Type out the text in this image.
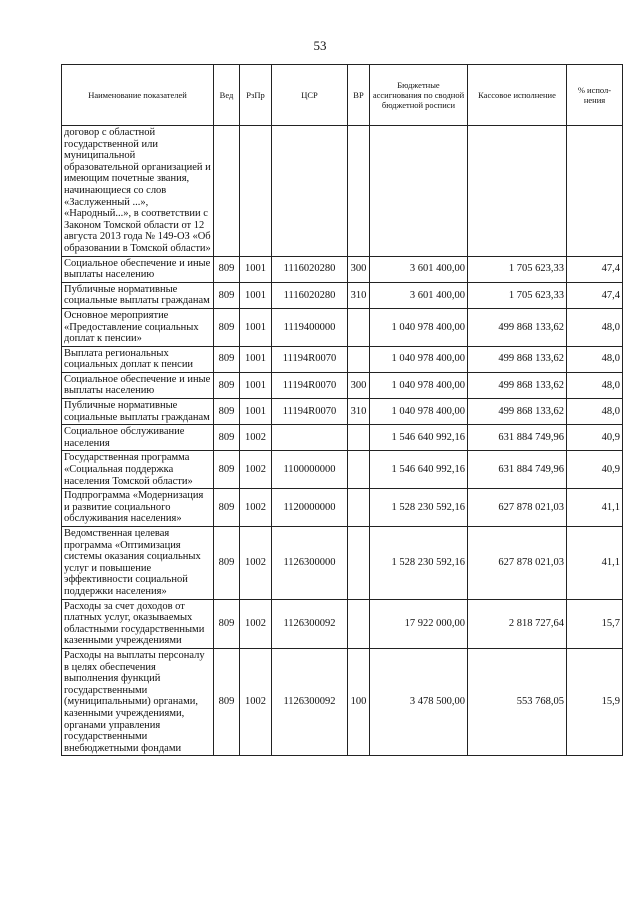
53
Наименование показателей	Вед	РзПр	ЦСР	ВР	Бюджетные ассигнования по сводной бюджетной росписи	Кассовое исполнение	% испол-нения
договор с областной государственной или муниципальной образовательной организацией и имеющим почетные звания, начинающиеся со слов «Заслуженный ...», «Народный...», в соответствии с Законом Томской области от 12 августа 2013 года № 149-ОЗ «Об образовании в Томской области»							
Социальное обеспечение и иные выплаты населению	809	1001	1116020280	300	3 601 400,00	1 705 623,33	47,4
Публичные нормативные социальные выплаты гражданам	809	1001	1116020280	310	3 601 400,00	1 705 623,33	47,4
Основное мероприятие «Предоставление социальных доплат к пенсии»	809	1001	1119400000		1 040 978 400,00	499 868 133,62	48,0
Выплата региональных социальных доплат к пенсии	809	1001	11194R0070		1 040 978 400,00	499 868 133,62	48,0
Социальное обеспечение и иные выплаты населению	809	1001	11194R0070	300	1 040 978 400,00	499 868 133,62	48,0
Публичные нормативные социальные выплаты гражданам	809	1001	11194R0070	310	1 040 978 400,00	499 868 133,62	48,0
Социальное обслуживание населения	809	1002			1 546 640 992,16	631 884 749,96	40,9
Государственная программа «Социальная поддержка населения Томской области»	809	1002	1100000000		1 546 640 992,16	631 884 749,96	40,9
Подпрограмма «Модернизация и развитие социального обслуживания населения»	809	1002	1120000000		1 528 230 592,16	627 878 021,03	41,1
Ведомственная целевая программа «Оптимизация системы оказания социальных услуг и повышение эффективности социальной поддержки населения»	809	1002	1126300000		1 528 230 592,16	627 878 021,03	41,1
Расходы за счет доходов от платных услуг, оказываемых областными государственными казенными учреждениями	809	1002	1126300092		17 922 000,00	2 818 727,64	15,7
Расходы на выплаты персоналу в целях обеспечения выполнения функций государственными (муниципальными) органами, казенными учреждениями, органами управления государственными внебюджетными фондами	809	1002	1126300092	100	3 478 500,00	553 768,05	15,9
